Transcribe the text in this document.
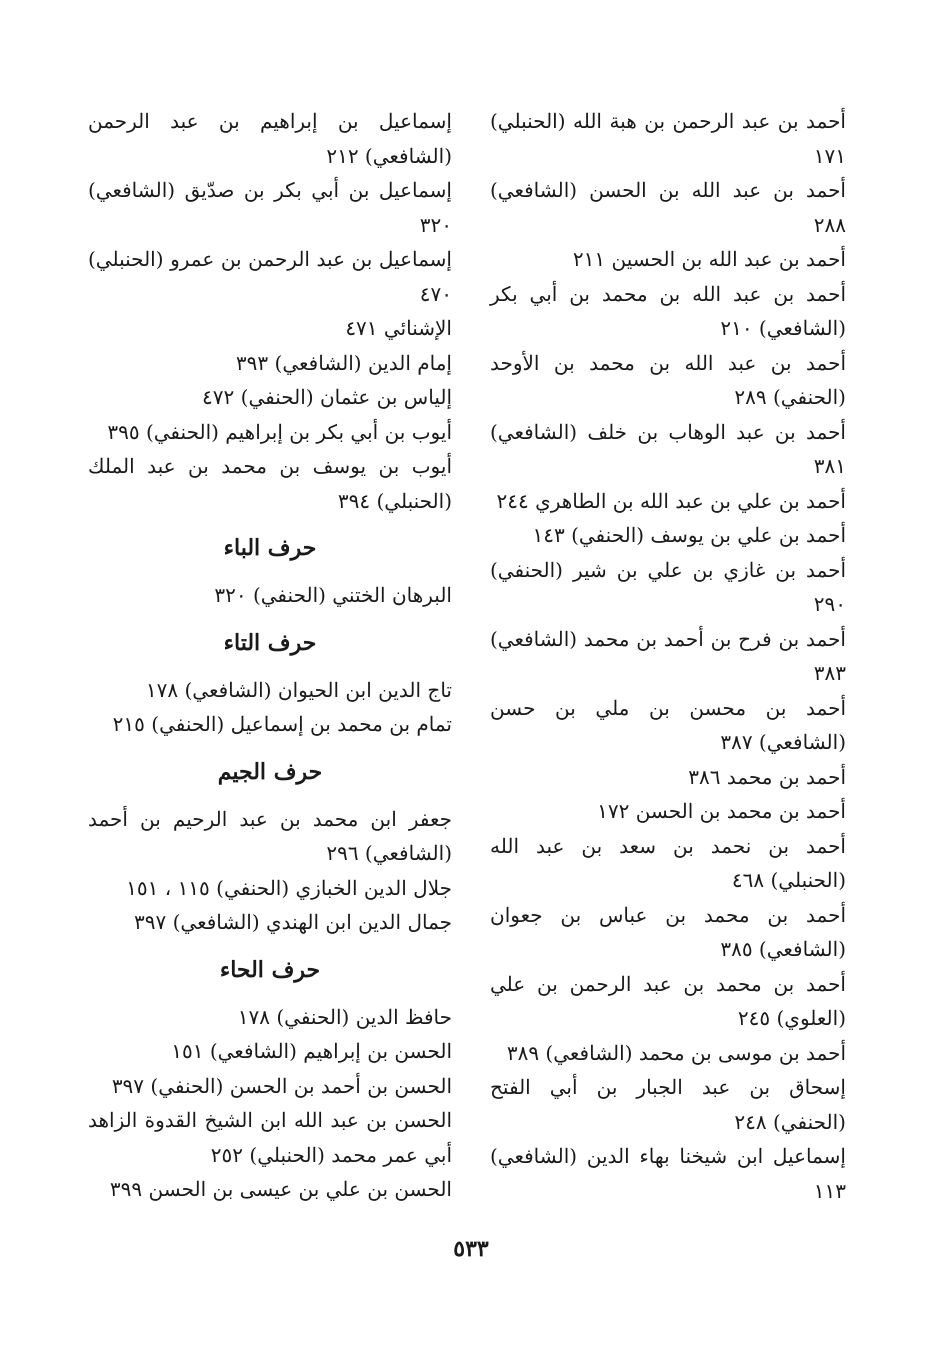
أحمد بن عبد الرحمن بن هبة الله (الحنبلي) ١٧١
أحمد بن عبد الله بن الحسن (الشافعي) ٢٨٨
أحمد بن عبد الله بن الحسين ٢١١
أحمد بن عبد الله بن محمد بن أبي بكر (الشافعي) ٢١٠
أحمد بن عبد الله بن محمد بن الأوحد (الحنفي) ٢٨٩
أحمد بن عبد الوهاب بن خلف (الشافعي) ٣٨١
أحمد بن علي بن عبد الله بن الطاهري ٢٤٤
أحمد بن علي بن يوسف (الحنفي) ١٤٣
أحمد بن غازي بن علي بن شير (الحنفي) ٢٩٠
أحمد بن فرح بن أحمد بن محمد (الشافعي) ٣٨٣
أحمد بن محسن بن ملي بن حسن (الشافعي) ٣٨٧
أحمد بن محمد ٣٨٦
أحمد بن محمد بن الحسن ١٧٢
أحمد بن نحمد بن سعد بن عبد الله (الحنبلي) ٤٦٨
أحمد بن محمد بن عباس بن جعوان (الشافعي) ٣٨٥
أحمد بن محمد بن عبد الرحمن بن علي (العلوي) ٢٤٥
أحمد بن موسى بن محمد (الشافعي) ٣٨٩
إسحاق بن عبد الجبار بن أبي الفتح (الحنفي) ٢٤٨
إسماعيل ابن شيخنا بهاء الدين (الشافعي) ١١٣
إسماعيل بن إبراهيم بن عبد الرحمن (الشافعي) ٢١٢
إسماعيل بن أبي بكر بن صدّيق (الشافعي) ٣٢٠
إسماعيل بن عبد الرحمن بن عمرو (الحنبلي) ٤٧٠
الإشنائي ٤٧١
إمام الدين (الشافعي) ٣٩٣
إلياس بن عثمان (الحنفي) ٤٧٢
أيوب بن أبي بكر بن إبراهيم (الحنفي) ٣٩٥
أيوب بن يوسف بن محمد بن عبد الملك (الحنبلي) ٣٩٤
حرف الباء
البرهان الختني (الحنفي) ٣٢٠
حرف التاء
تاج الدين ابن الحيوان (الشافعي) ١٧٨
تمام بن محمد بن إسماعيل (الحنفي) ٢١٥
حرف الجيم
جعفر ابن محمد بن عبد الرحيم بن أحمد (الشافعي) ٢٩٦
جلال الدين الخبازي (الحنفي) ١١٥ ، ١٥١
جمال الدين ابن الهندي (الشافعي) ٣٩٧
حرف الحاء
حافظ الدين (الحنفي) ١٧٨
الحسن بن إبراهيم (الشافعي) ١٥١
الحسن بن أحمد بن الحسن (الحنفي) ٣٩٧
الحسن بن عبد الله ابن الشيخ القدوة الزاهد أبي عمر محمد (الحنبلي) ٢٥٢
الحسن بن علي بن عيسى بن الحسن ٣٩٩
٥٣٣
